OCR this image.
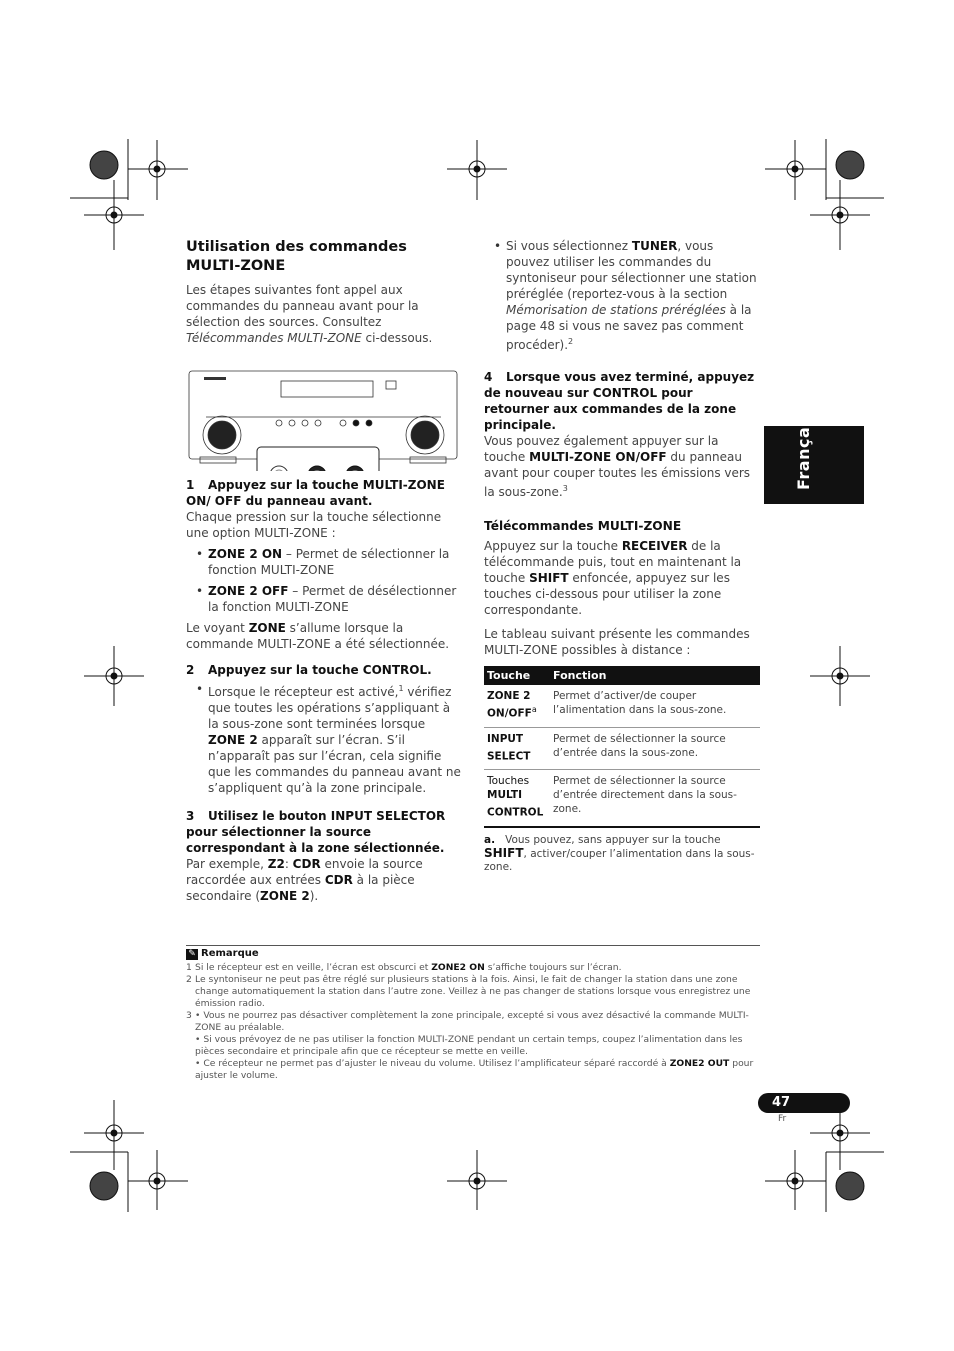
Français
Utilisation des commandes MULTI-ZONE

Les étapes suivantes font appel aux commandes du panneau avant pour la sélection des sources. Consultez Télécommandes MULTI-ZONE ci-dessous.

1 Appuyez sur la touche MULTI-ZONE ON/ OFF du panneau avant.

Chaque pression sur la touche sélectionne une option MULTI-ZONE :

• ZONE 2 ON – Permet de sélectionner la fonction MULTI-ZONE
• ZONE 2 OFF – Permet de désélectionner la fonction MULTI-ZONE

Le voyant ZONE s’allume lorsque la commande MULTI-ZONE a été sélectionnée.

2 Appuyez sur la touche CONTROL.
• Lorsque le récepteur est activé,$^1$ vérifiez que toutes les opérations s’appliquant à la sous-zone sont terminées lorsque ZONE 2 apparaît sur l’écran. S’il n’apparaît pas sur l’écran, cela signifie que les commandes du panneau avant ne s’appliquent qu’à la zone principale.
3 Utilisez le bouton INPUT SELECTOR pour sélectionner la source correspondant à la zone sélectionnée.

Par exemple, Z2: CDR envoie la source raccordée aux entrées CDR à la pièce secondaire (ZONE 2).

• Si vous sélectionnez TUNER, vous pouvez utiliser les commandes du syntoniseur pour sélectionner une station préréglée (reportez-vous à la section Mémorisation de stations préréglées à la page 48 si vous ne savez pas comment procéder).$^2$
4 Lorsque vous avez terminé, appuyez de nouveau sur CONTROL pour retourner aux commandes de la zone principale.

Vous pouvez également appuyer sur la touche MULTI-ZONE ON/OFF du panneau avant pour couper toutes les émissions vers la sous-zone.$^3$

Télécommandes MULTI-ZONE

Appuyez sur la touche RECEIVER de la télécommande puis, tout en maintenant la touche SHIFT enfoncée, appuyez sur les touches ci-dessous pour utiliser la zone correspondante.

Le tableau suivant présente les commandes MULTI-ZONE possibles à distance :

Touche	Fonction
ZONE 2 ON/OFF$^a$	Permet d’activer/de couper l’alimentation dans la sous-zone.
INPUT SELECT	Permet de sélectionner la source d’entrée dans la sous-zone.
Touches MULTI CONTROL	Permet de sélectionner la source d’entrée directement dans la sous-zone.
a. Vous pouvez, sans appuyer sur la touche SHIFT, activer/couper l’alimentation dans la sous-zone.
✎ Remarque

1 Si le récepteur est en veille, l’écran est obscurci et ZONE2 ON s’affiche toujours sur l’écran.

2 Le syntoniseur ne peut pas être réglé sur plusieurs stations à la fois. Ainsi, le fait de changer la station dans une zone change automatiquement la station dans l’autre zone. Veillez à ne pas changer de stations lorsque vous enregistrez une émission radio.

3 • Vous ne pourrez pas désactiver complètement la zone principale, excepté si vous avez désactivé la commande MULTI-ZONE au préalable.

• Si vous prévoyez de ne pas utiliser la fonction MULTI-ZONE pendant un certain temps, coupez l’alimentation dans les pièces secondaire et principale afin que ce récepteur se mette en veille.

• Ce récepteur ne permet pas d’ajuster le niveau du volume. Utilisez l’amplificateur séparé raccordé à ZONE2 OUT pour ajuster le volume.

47
Fr
